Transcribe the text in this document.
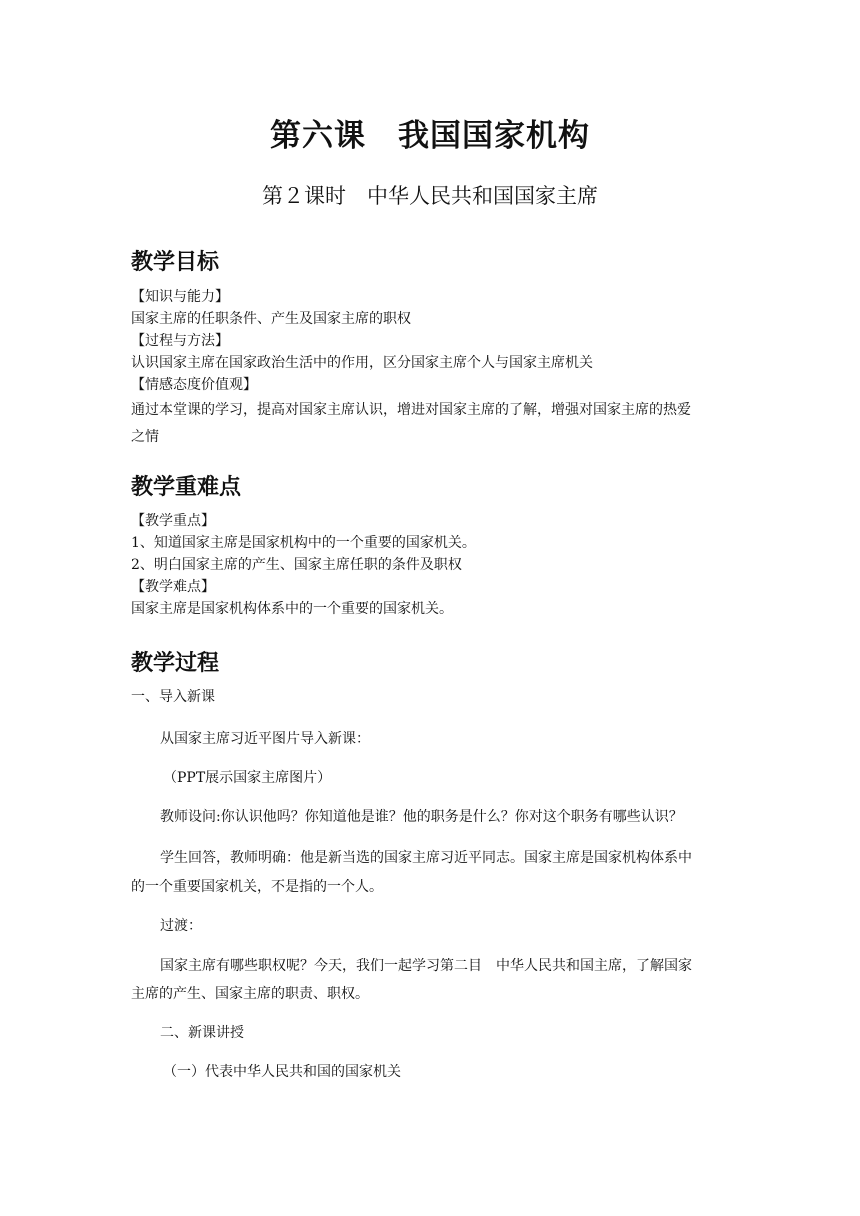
第六课　我国国家机构
第２课时　中华人民共和国国家主席
教学目标
【知识与能力】
国家主席的任职条件、产生及国家主席的职权
【过程与方法】
认识国家主席在国家政治生活中的作用，区分国家主席个人与国家主席机关
【情感态度价值观】
通过本堂课的学习，提高对国家主席认识，增进对国家主席的了解，增强对国家主席的热爱
之情
教学重难点
【教学重点】
1、知道国家主席是国家机构中的一个重要的国家机关。
2、明白国家主席的产生、国家主席任职的条件及职权
【教学难点】
国家主席是国家机构体系中的一个重要的国家机关。
教学过程
一、导入新课
从国家主席习近平图片导入新课：
（PPT展示国家主席图片）
教师设问:你认识他吗？你知道他是谁？他的职务是什么？你对这个职务有哪些认识？
学生回答，教师明确：他是新当选的国家主席习近平同志。国家主席是国家机构体系中
的一个重要国家机关，不是指的一个人。
过渡：
国家主席有哪些职权呢？今天，我们一起学习第二目　中华人民共和国主席，了解国家
主席的产生、国家主席的职责、职权。
二、新课讲授
（一）代表中华人民共和国的国家机关
